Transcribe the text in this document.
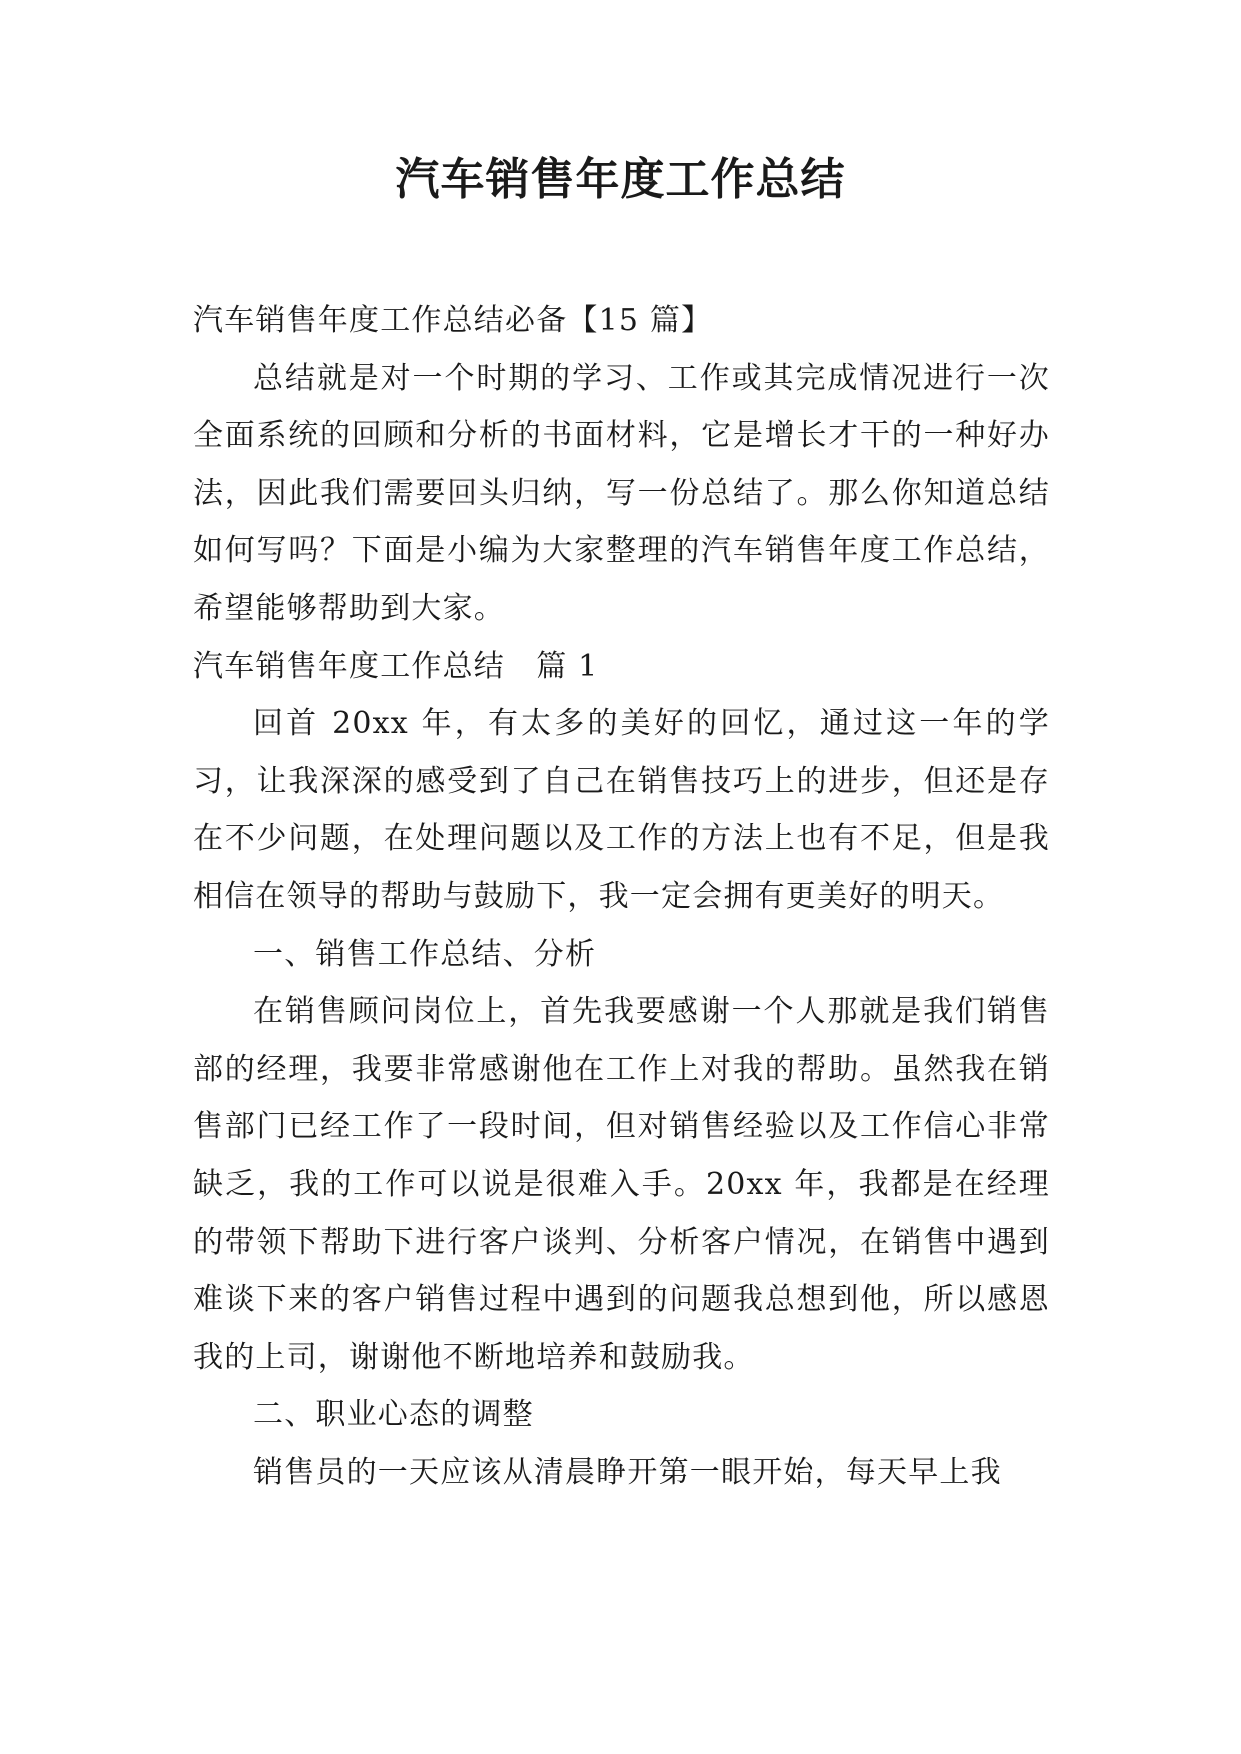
汽车销售年度工作总结

汽车销售年度工作总结必备【15 篇】

总结就是对一个时期的学习、工作或其完成情况进行一次全面系统的回顾和分析的书面材料，它是增长才干的一种好办法，因此我们需要回头归纳，写一份总结了。那么你知道总结如何写吗？下面是小编为大家整理的汽车销售年度工作总结，希望能够帮助到大家。

汽车销售年度工作总结　篇 1

回首 20xx 年，有太多的美好的回忆，通过这一年的学习，让我深深的感受到了自己在销售技巧上的进步，但还是存在不少问题，在处理问题以及工作的方法上也有不足，但是我相信在领导的帮助与鼓励下，我一定会拥有更美好的明天。

一、销售工作总结、分析

在销售顾问岗位上，首先我要感谢一个人那就是我们销售部的经理，我要非常感谢他在工作上对我的帮助。虽然我在销售部门已经工作了一段时间，但对销售经验以及工作信心非常缺乏，我的工作可以说是很难入手。20xx 年，我都是在经理的带领下帮助下进行客户谈判、分析客户情况，在销售中遇到难谈下来的客户销售过程中遇到的问题我总想到他，所以感恩我的上司，谢谢他不断地培养和鼓励我。

二、职业心态的调整

销售员的一天应该从清晨睁开第一眼开始，每天早上我
